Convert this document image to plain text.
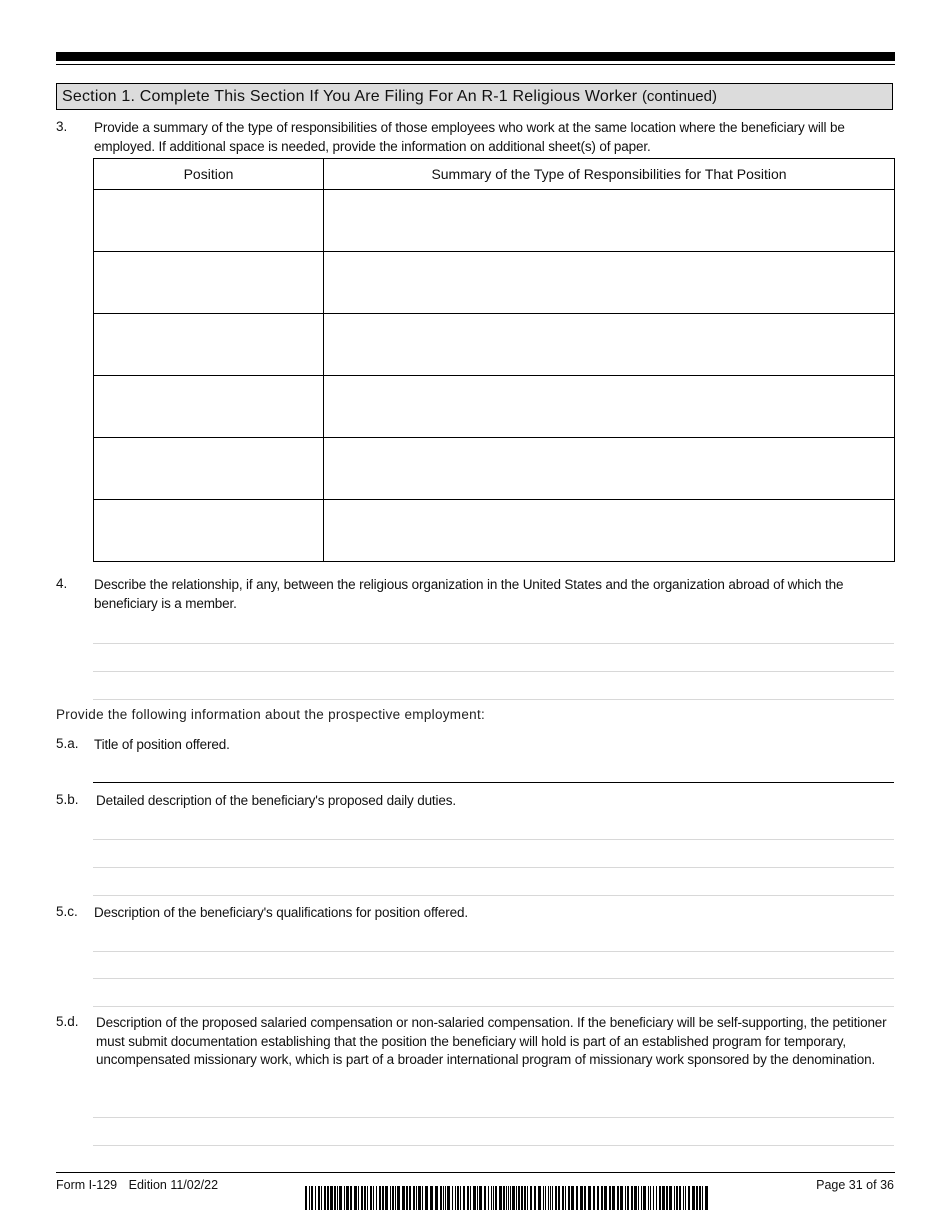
Section 1. Complete This Section If You Are Filing For An R-1 Religious Worker (continued)
3. Provide a summary of the type of responsibilities of those employees who work at the same location where the beneficiary will be employed. If additional space is needed, provide the information on additional sheet(s) of paper.
Position	Summary of the Type of Responsibilities for That Position

4. Describe the relationship, if any, between the religious organization in the United States and the organization abroad of which the beneficiary is a member.
Provide the following information about the prospective employment:
5.a. Title of position offered.
5.b. Detailed description of the beneficiary's proposed daily duties.
5.c. Description of the beneficiary's qualifications for position offered.
5.d. Description of the proposed salaried compensation or non-salaried compensation. If the beneficiary will be self-supporting, the petitioner must submit documentation establishing that the position the beneficiary will hold is part of an established program for temporary, uncompensated missionary work, which is part of a broader international program of missionary work sponsored by the denomination.
Form I-129 Edition 11/02/22	Page 31 of 36
